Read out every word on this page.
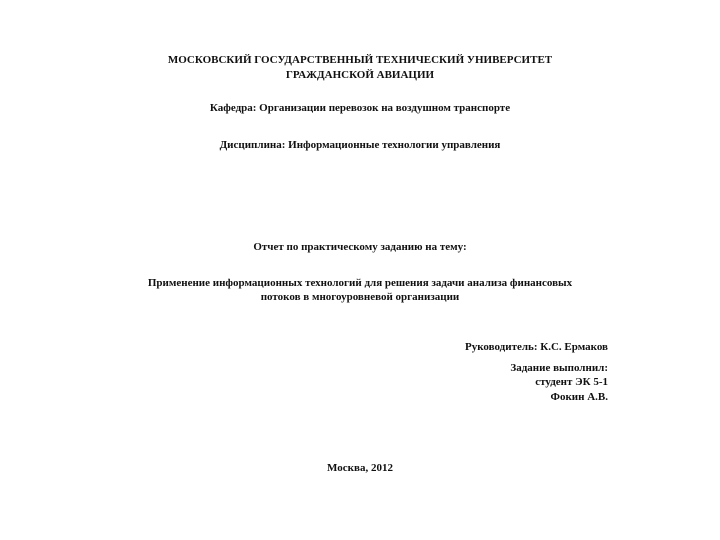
МОСКОВСКИЙ ГОСУДАРСТВЕННЫЙ ТЕХНИЧЕСКИЙ УНИВЕРСИТЕТ
ГРАЖДАНСКОЙ АВИАЦИИ
Кафедра: Организации перевозок на воздушном транспорте
Дисциплина: Информационные технологии управления
Отчет по практическому заданию на тему:
Применение информационных технологий для решения задачи анализа финансовых
потоков в многоуровневой организации
Руководитель: К.С. Ермаков
Задание выполнил:
студент ЭК 5-1
Фокин А.В.
Москва, 2012
